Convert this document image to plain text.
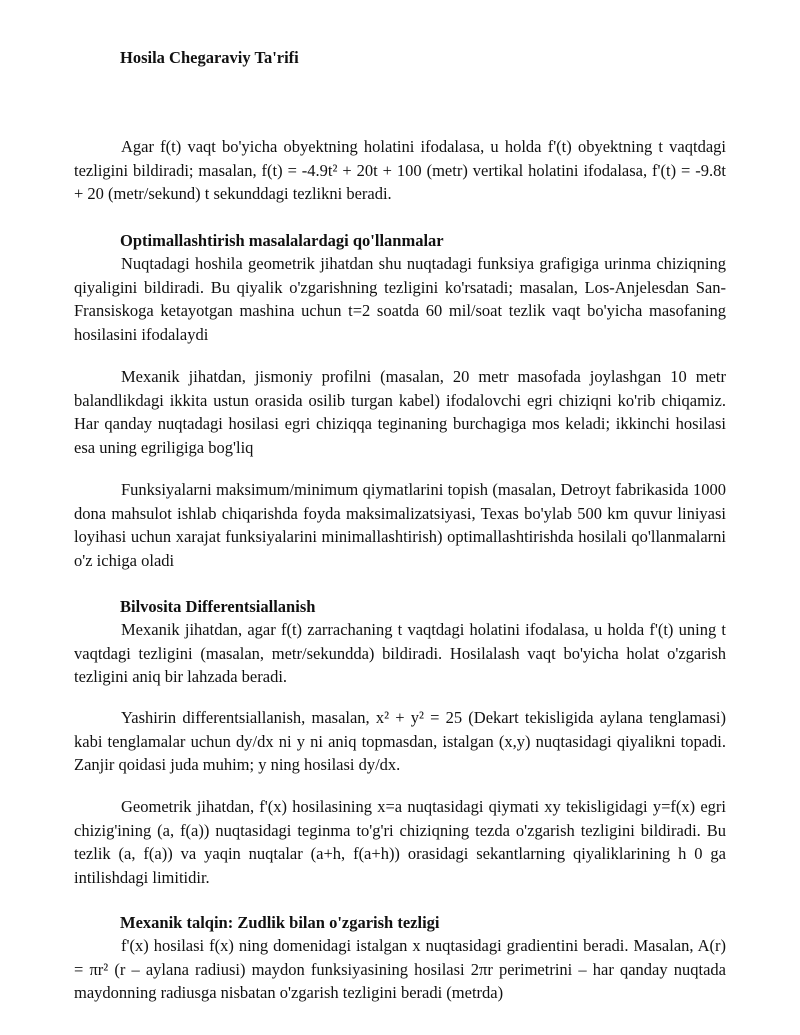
Hosila Chegaraviy Ta'rifi

Agar f(t) vaqt bo'yicha obyektning holatini ifodalasa, u holda f'(t) obyektning t vaqtdagi tezligini bildiradi; masalan, f(t) = -4.9t² + 20t + 100 (metr) vertikal holatini ifodalasa, f'(t) = -9.8t + 20 (metr/sekund) t sekunddagi tezlikni beradi.

Optimallashtirish masalalardagi qo'llanmalar

Nuqtadagi hoshila geometrik jihatdan shu nuqtadagi funksiya grafigiga urinma chiziqning qiyaligini bildiradi. Bu qiyalik o'zgarishning tezligini ko'rsatadi; masalan, Los-Anjelesdan San-Fransiskoga ketayotgan mashina uchun t=2 soatda 60 mil/soat tezlik vaqt bo'yicha masofaning hosilasini ifodalaydi

Mexanik jihatdan, jismoniy profilni (masalan, 20 metr masofada joylashgan 10 metr balandlikdagi ikkita ustun orasida osilib turgan kabel) ifodalovchi egri chiziqni ko'rib chiqamiz. Har qanday nuqtadagi hosilasi egri chiziqqa teginaning burchagiga mos keladi; ikkinchi hosilasi esa uning egriligiga bog'liq

Funksiyalarni maksimum/minimum qiymatlarini topish (masalan, Detroyt fabrikasida 1000 dona mahsulot ishlab chiqarishda foyda maksimalizatsiyasi, Texas bo'ylab 500 km quvur liniyasi loyihasi uchun xarajat funksiyalarini minimallashtirish) optimallashtirishda hosilali qo'llanmalarni o'z ichiga oladi

Bilvosita Differentsiallanish

Mexanik jihatdan, agar f(t) zarrachaning t vaqtdagi holatini ifodalasa, u holda f'(t) uning t vaqtdagi tezligini (masalan, metr/sekundda) bildiradi. Hosilalash vaqt bo'yicha holat o'zgarish tezligini aniq bir lahzada beradi.

Yashirin differentsiallanish, masalan, x² + y² = 25 (Dekart tekisligida aylana tenglamasi) kabi tenglamalar uchun dy/dx ni y ni aniq topmasdan, istalgan (x,y) nuqtasidagi qiyalikni topadi. Zanjir qoidasi juda muhim; y ning hosilasi dy/dx.

Geometrik jihatdan, f'(x) hosilasining x=a nuqtasidagi qiymati xy tekisligidagi y=f(x) egri chizig'ining (a, f(a)) nuqtasidagi teginma to'g'ri chiziqning tezda o'zgarish tezligini bildiradi. Bu tezlik (a, f(a)) va yaqin nuqtalar (a+h, f(a+h)) orasidagi sekantlarning qiyaliklarining h 0 ga intilishdagi limitidir.

Mexanik talqin: Zudlik bilan o'zgarish tezligi

f'(x) hosilasi f(x) ning domenidagi istalgan x nuqtasidagi gradientini beradi. Masalan, A(r) = πr² (r – aylana radiusi) maydon funksiyasining hosilasi 2πr perimetrini – har qanday nuqtada maydonning radiusga nisbatan o'zgarish tezligini beradi (metrda)
